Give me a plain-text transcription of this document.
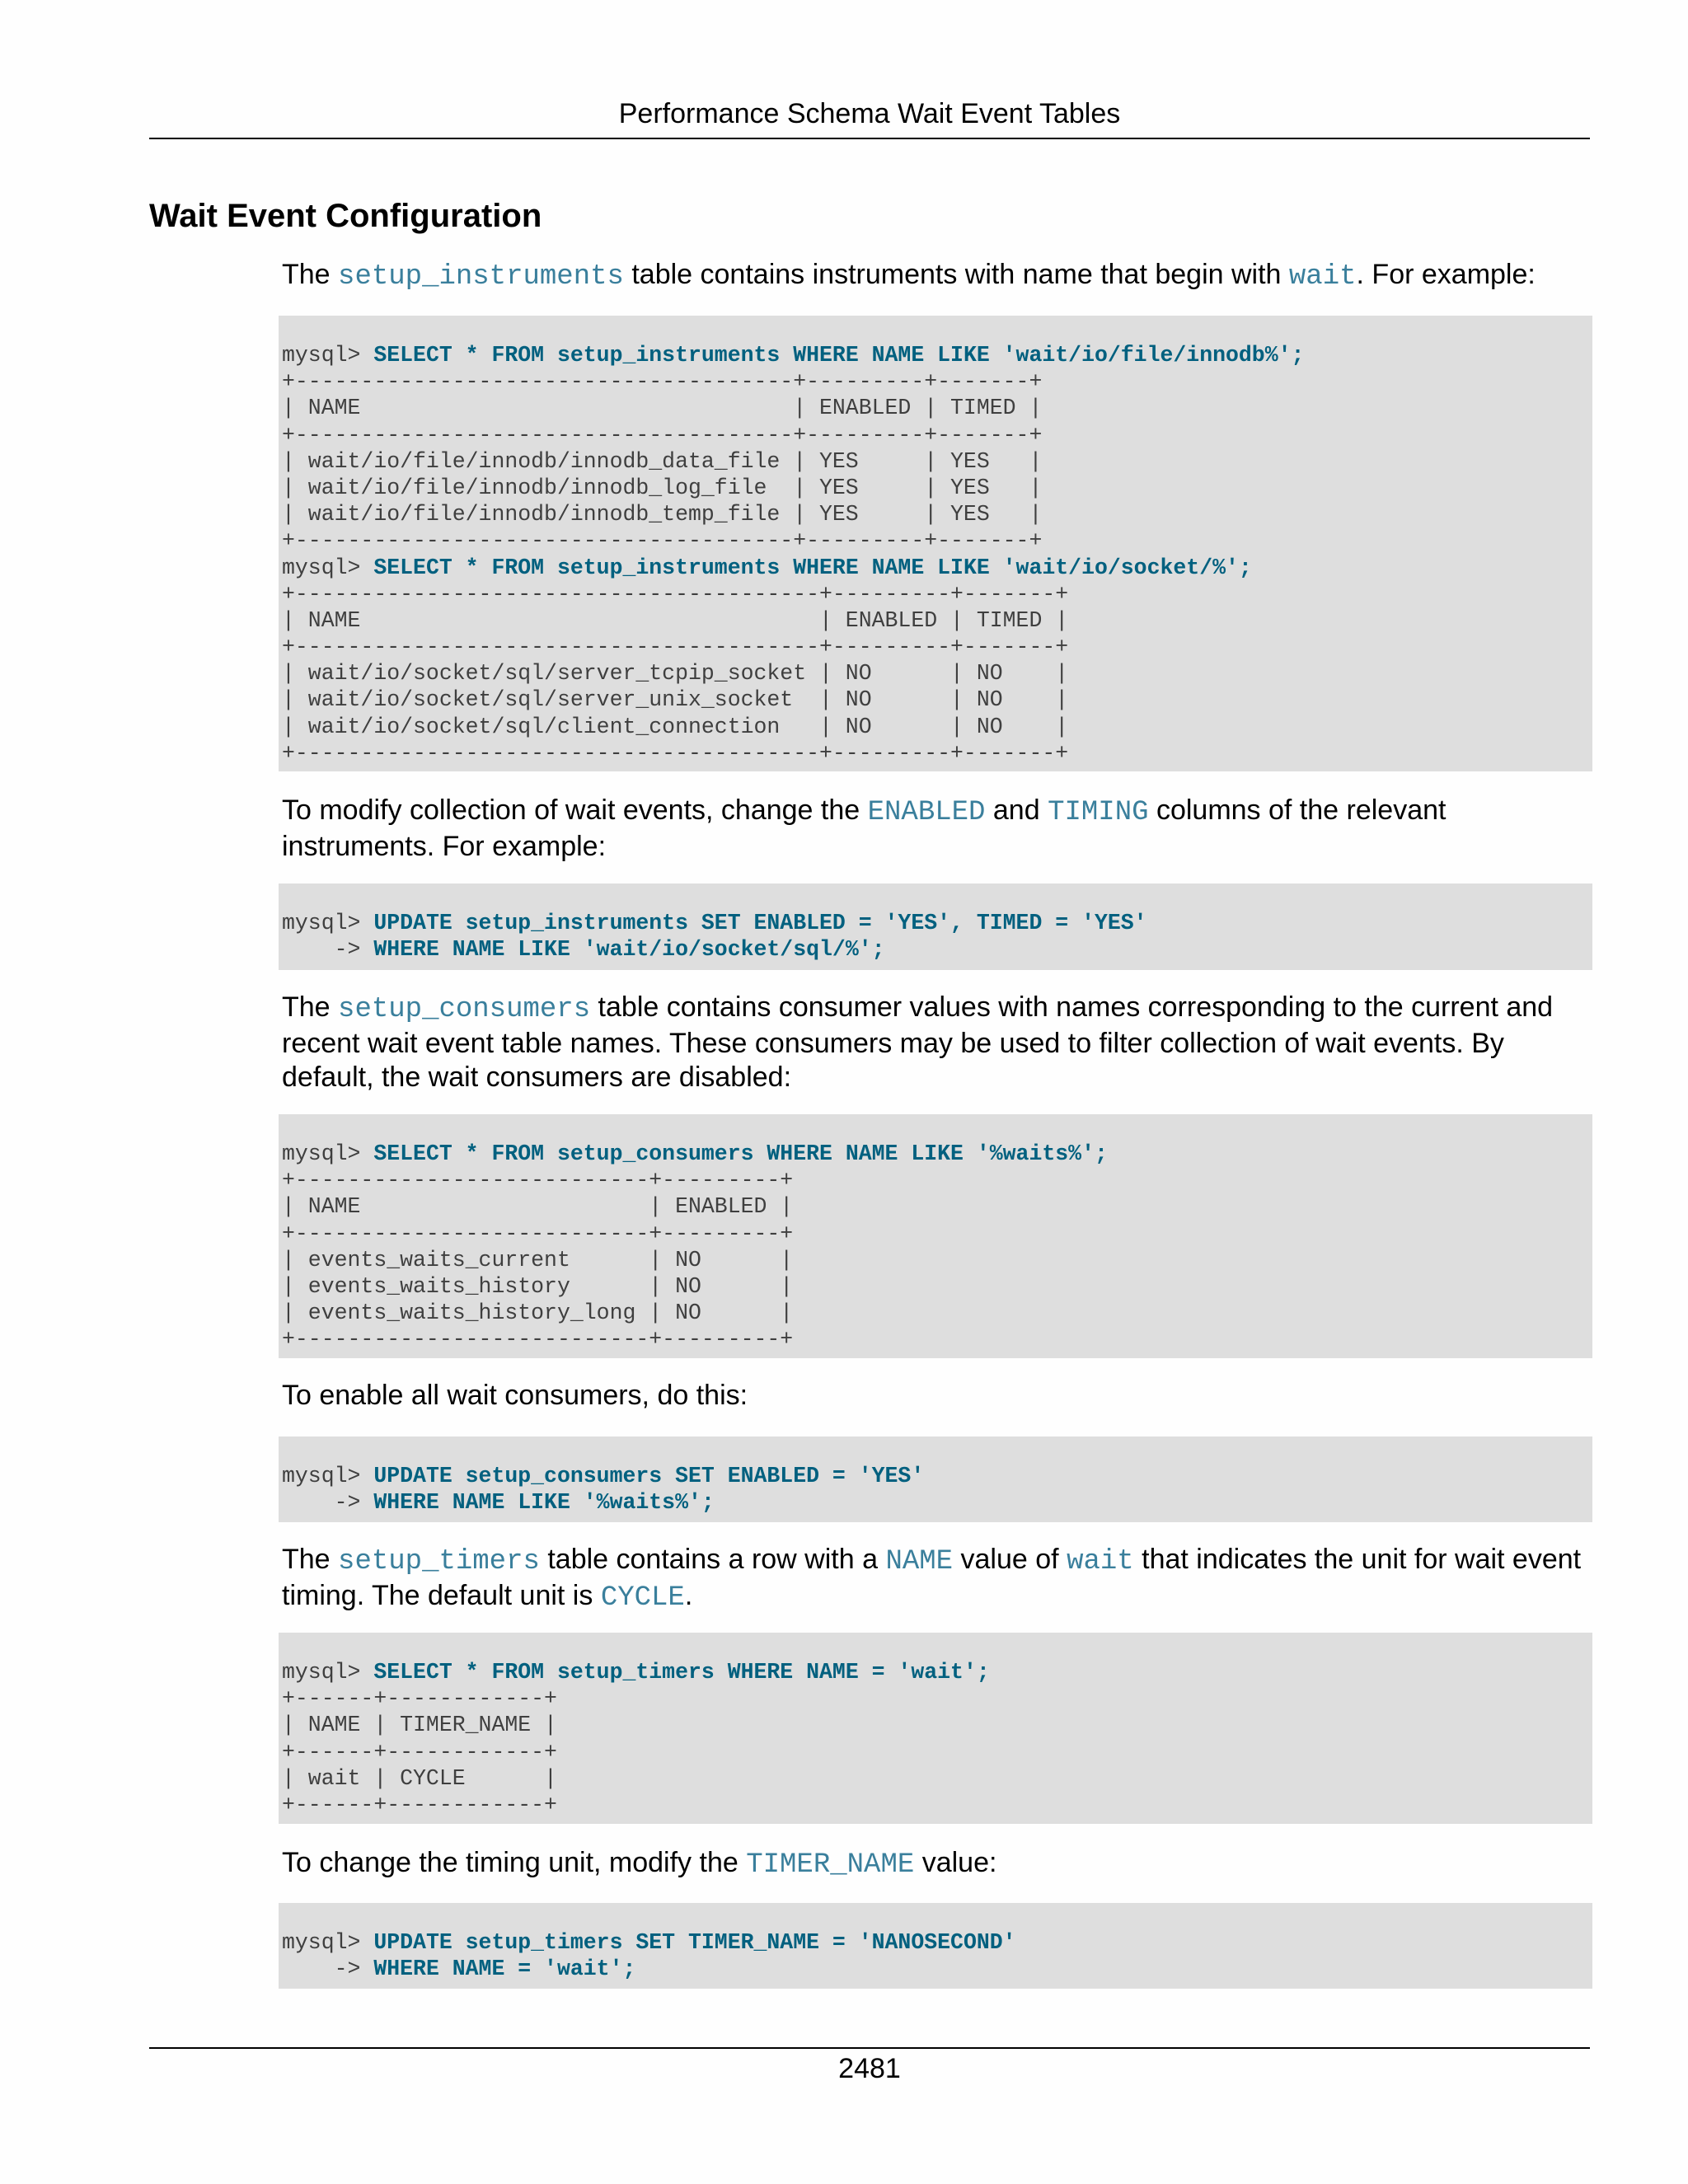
Performance Schema Wait Event Tables
Wait Event Configuration

The setup_instruments table contains instruments with name that begin with wait. For example:

mysql> SELECT * FROM setup_instruments WHERE NAME LIKE 'wait/io/file/innodb%';
+--------------------------------------+---------+-------+
| NAME                                 | ENABLED | TIMED |
+--------------------------------------+---------+-------+
| wait/io/file/innodb/innodb_data_file | YES     | YES   |
| wait/io/file/innodb/innodb_log_file  | YES     | YES   |
| wait/io/file/innodb/innodb_temp_file | YES     | YES   |
+--------------------------------------+---------+-------+
mysql> SELECT * FROM setup_instruments WHERE NAME LIKE 'wait/io/socket/%';
+----------------------------------------+---------+-------+
| NAME                                   | ENABLED | TIMED |
+----------------------------------------+---------+-------+
| wait/io/socket/sql/server_tcpip_socket | NO      | NO    |
| wait/io/socket/sql/server_unix_socket  | NO      | NO    |
| wait/io/socket/sql/client_connection   | NO      | NO    |
+----------------------------------------+---------+-------+

To modify collection of wait events, change the ENABLED and TIMING columns of the relevant instruments. For example:

mysql> UPDATE setup_instruments SET ENABLED = 'YES', TIMED = 'YES'
-> WHERE NAME LIKE 'wait/io/socket/sql/%';

The setup_consumers table contains consumer values with names corresponding to the current and recent wait event table names. These consumers may be used to filter collection of wait events. By default, the wait consumers are disabled:

mysql> SELECT * FROM setup_consumers WHERE NAME LIKE '%waits%';
+---------------------------+---------+
| NAME                      | ENABLED |
+---------------------------+---------+
| events_waits_current      | NO      |
| events_waits_history      | NO      |
| events_waits_history_long | NO      |
+---------------------------+---------+

To enable all wait consumers, do this:

mysql> UPDATE setup_consumers SET ENABLED = 'YES'
-> WHERE NAME LIKE '%waits%';

The setup_timers table contains a row with a NAME value of wait that indicates the unit for wait event timing. The default unit is CYCLE.

mysql> SELECT * FROM setup_timers WHERE NAME = 'wait';
+------+------------+
| NAME | TIMER_NAME |
+------+------------+
| wait | CYCLE      |
+------+------------+

To change the timing unit, modify the TIMER_NAME value:

mysql> UPDATE setup_timers SET TIMER_NAME = 'NANOSECOND'
-> WHERE NAME = 'wait';
2481
